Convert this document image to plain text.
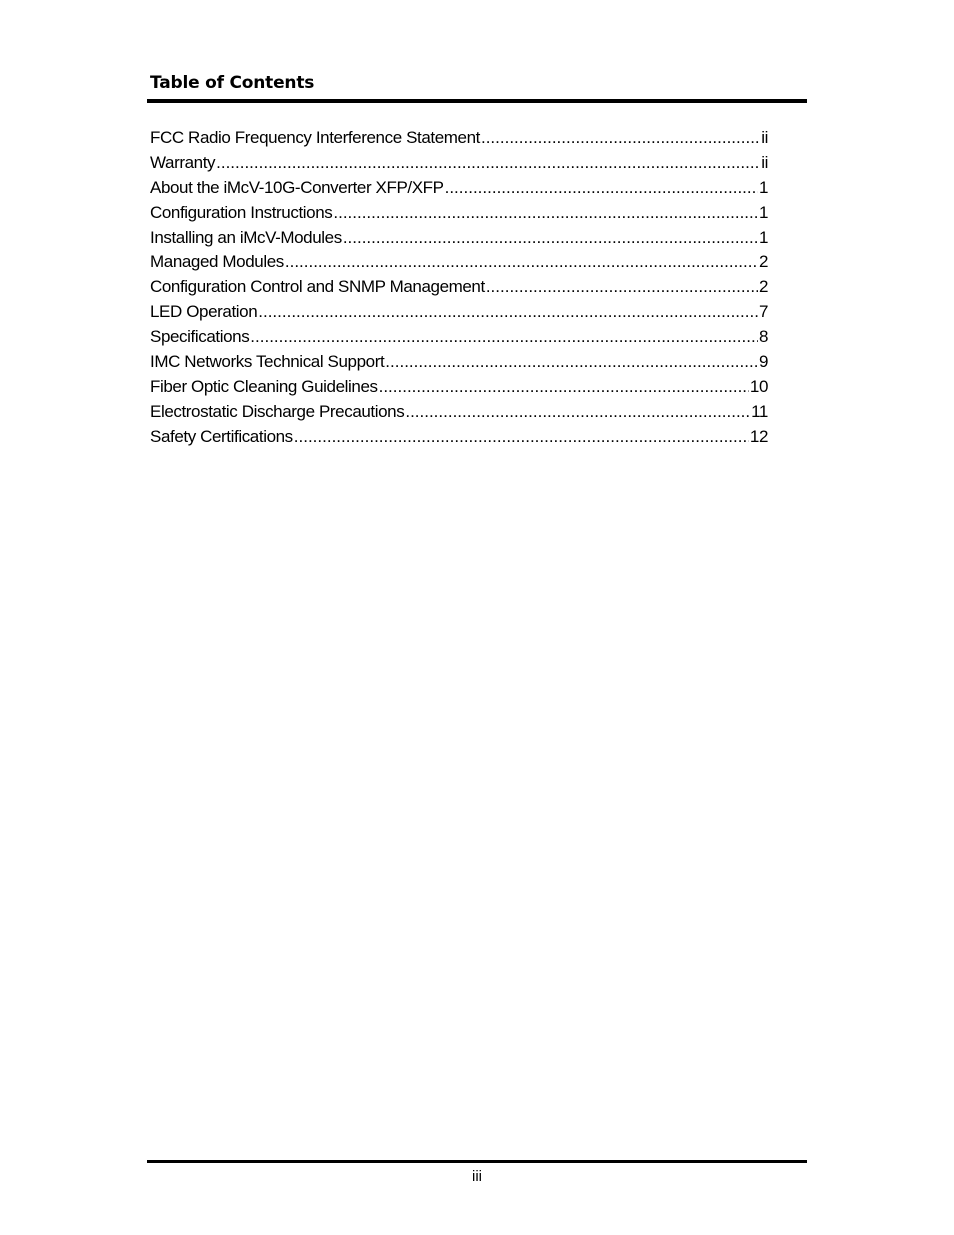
Table of Contents
FCC Radio Frequency Interference Statement .....	ii
Warranty .....	ii
About the iMcV-10G-Converter XFP/XFP .....	1
Configuration Instructions .....	1
Installing an iMcV-Modules .....	1
Managed Modules .....	2
Configuration Control and SNMP Management .....	2
LED Operation .....	7
Specifications .....	8
IMC Networks Technical Support .....	9
Fiber Optic Cleaning Guidelines .....	10
Electrostatic Discharge Precautions .....	11
Safety Certifications .....	12
iii
